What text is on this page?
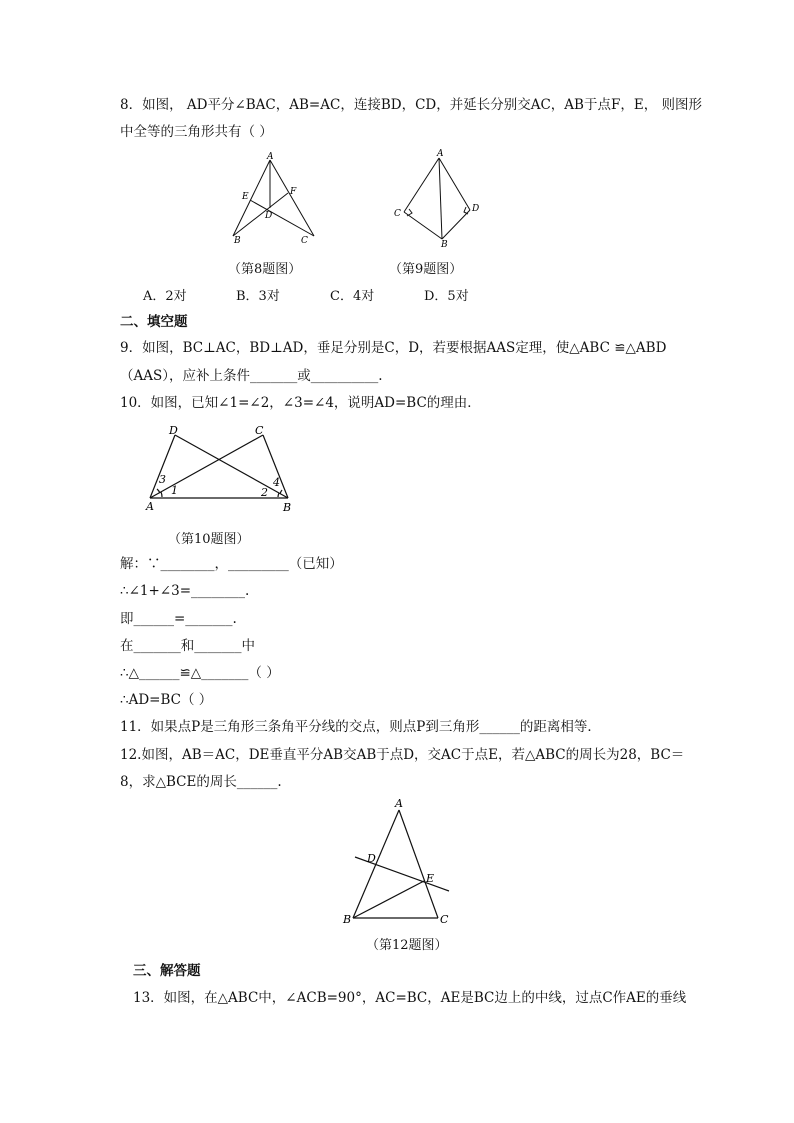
8．如图， AD平分∠BAC，AB=AC，连接BD，CD，并延长分别交AC，AB于点F，E， 则图形
中全等的三角形共有（ ）
A
E	F
D
B	C
A
C	D
B
（第8题图）	（第9题图）
A．2对	B．3对	C．4对	D．5对
二、填空题
9．如图，BC⊥AC，BD⊥AD，垂足分别是C，D，若要根据AAS定理，使△ABC ≌△ABD
（AAS），应补上条件_______或__________.
10．如图，已知∠1=∠2，∠3=∠4，说明AD=BC的理由．
D	C
A	B
3
1	2
4
（第10题图）
解：∵________，_________（已知）
∴∠1+∠3=________.
即______=_______.
在_______和_______中
∴△______≌△_______（ ）
∴AD=BC（ ）
11．如果点P是三角形三条角平分线的交点，则点P到三角形______的距离相等．
12.如图，AB＝AC，DE垂直平分AB交AB于点D，交AC于点E，若△ABC的周长为28，BC＝
8，求△BCE的周长______.
A
D
E
B	C
（第12题图）
三、解答题
13．如图，在△ABC中，∠ACB=90°，AC=BC，AE是BC边上的中线，过点C作AE的垂线
